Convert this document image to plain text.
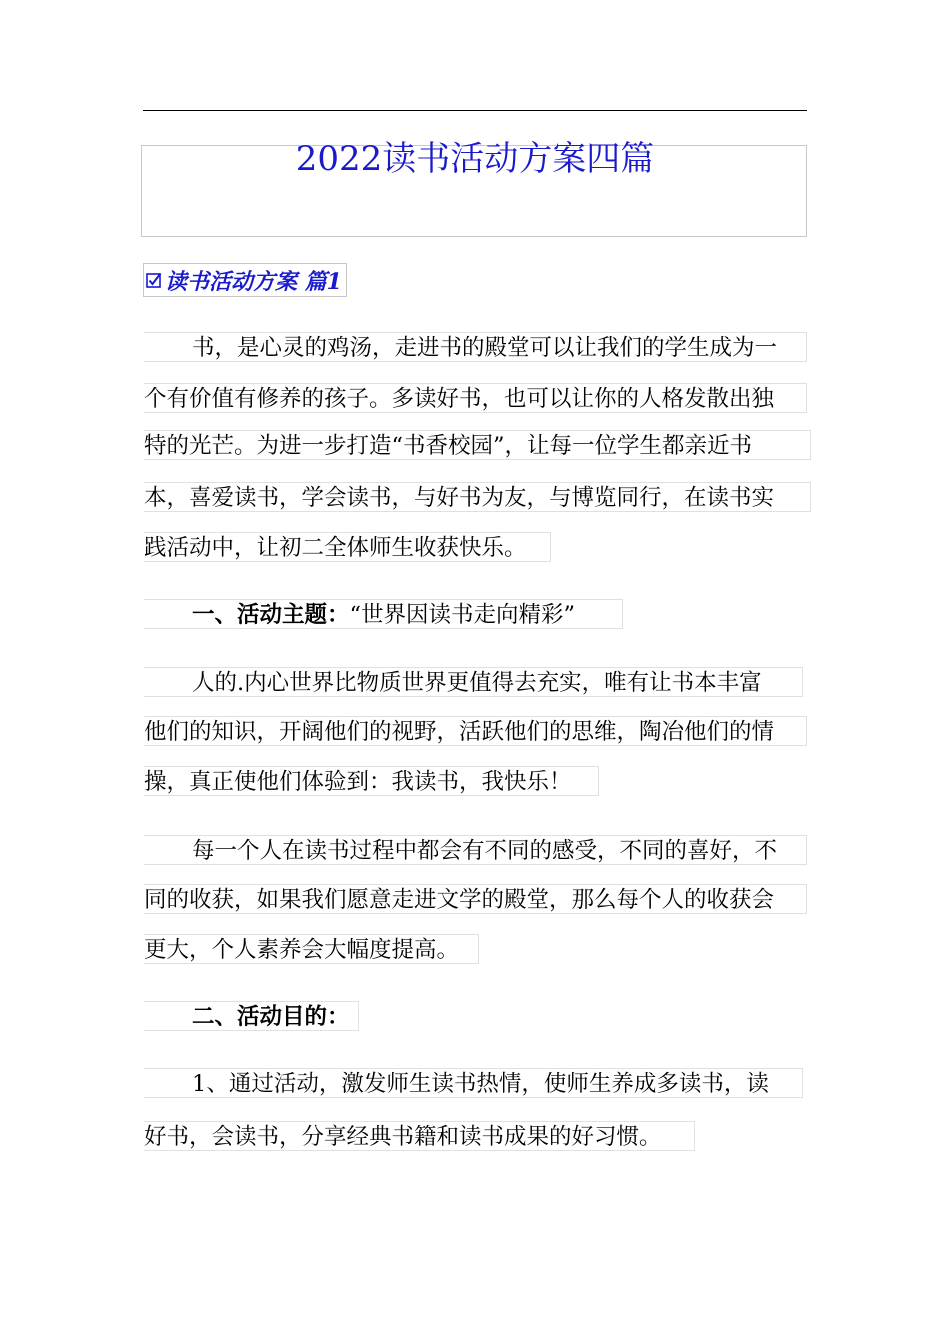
2022读书活动方案四篇
读书活动方案 篇1
书，是心灵的鸡汤，走进书的殿堂可以让我们的学生成为一
个有价值有修养的孩子。多读好书，也可以让你的人格发散出独
特的光芒。为进一步打造“书香校园”，让每一位学生都亲近书
本，喜爱读书，学会读书，与好书为友，与博览同行，在读书实
践活动中，让初二全体师生收获快乐。
一、活动主题：“世界因读书走向精彩”
人的.内心世界比物质世界更值得去充实，唯有让书本丰富
他们的知识，开阔他们的视野，活跃他们的思维，陶冶他们的情
操，真正使他们体验到：我读书，我快乐！
每一个人在读书过程中都会有不同的感受，不同的喜好，不
同的收获，如果我们愿意走进文学的殿堂，那么每个人的收获会
更大，个人素养会大幅度提高。
二、活动目的：
1、通过活动，激发师生读书热情，使师生养成多读书，读
好书，会读书，分享经典书籍和读书成果的好习惯。
